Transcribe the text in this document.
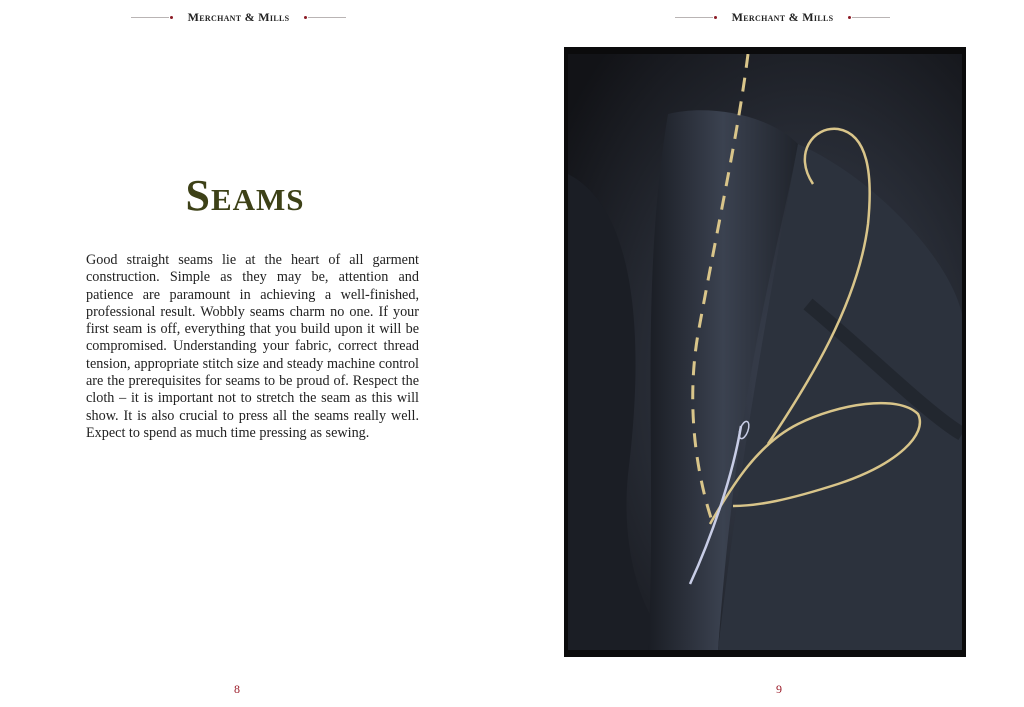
Merchant & Mills
Seams

Good straight seams lie at the heart of all garment construction. Simple as they may be, attention and patience are paramount in achieving a well-finished, professional result. Wobbly seams charm no one. If your first seam is off, everything that you build upon it will be compromised. Understanding your fabric, correct thread tension, appropriate stitch size and steady machine control are the prerequisites for seams to be proud of. Respect the cloth – it is important not to stretch the seam as this will show. It is also crucial to press all the seams really well. Expect to spend as much time pressing as sewing.

8
Merchant & Mills
9
